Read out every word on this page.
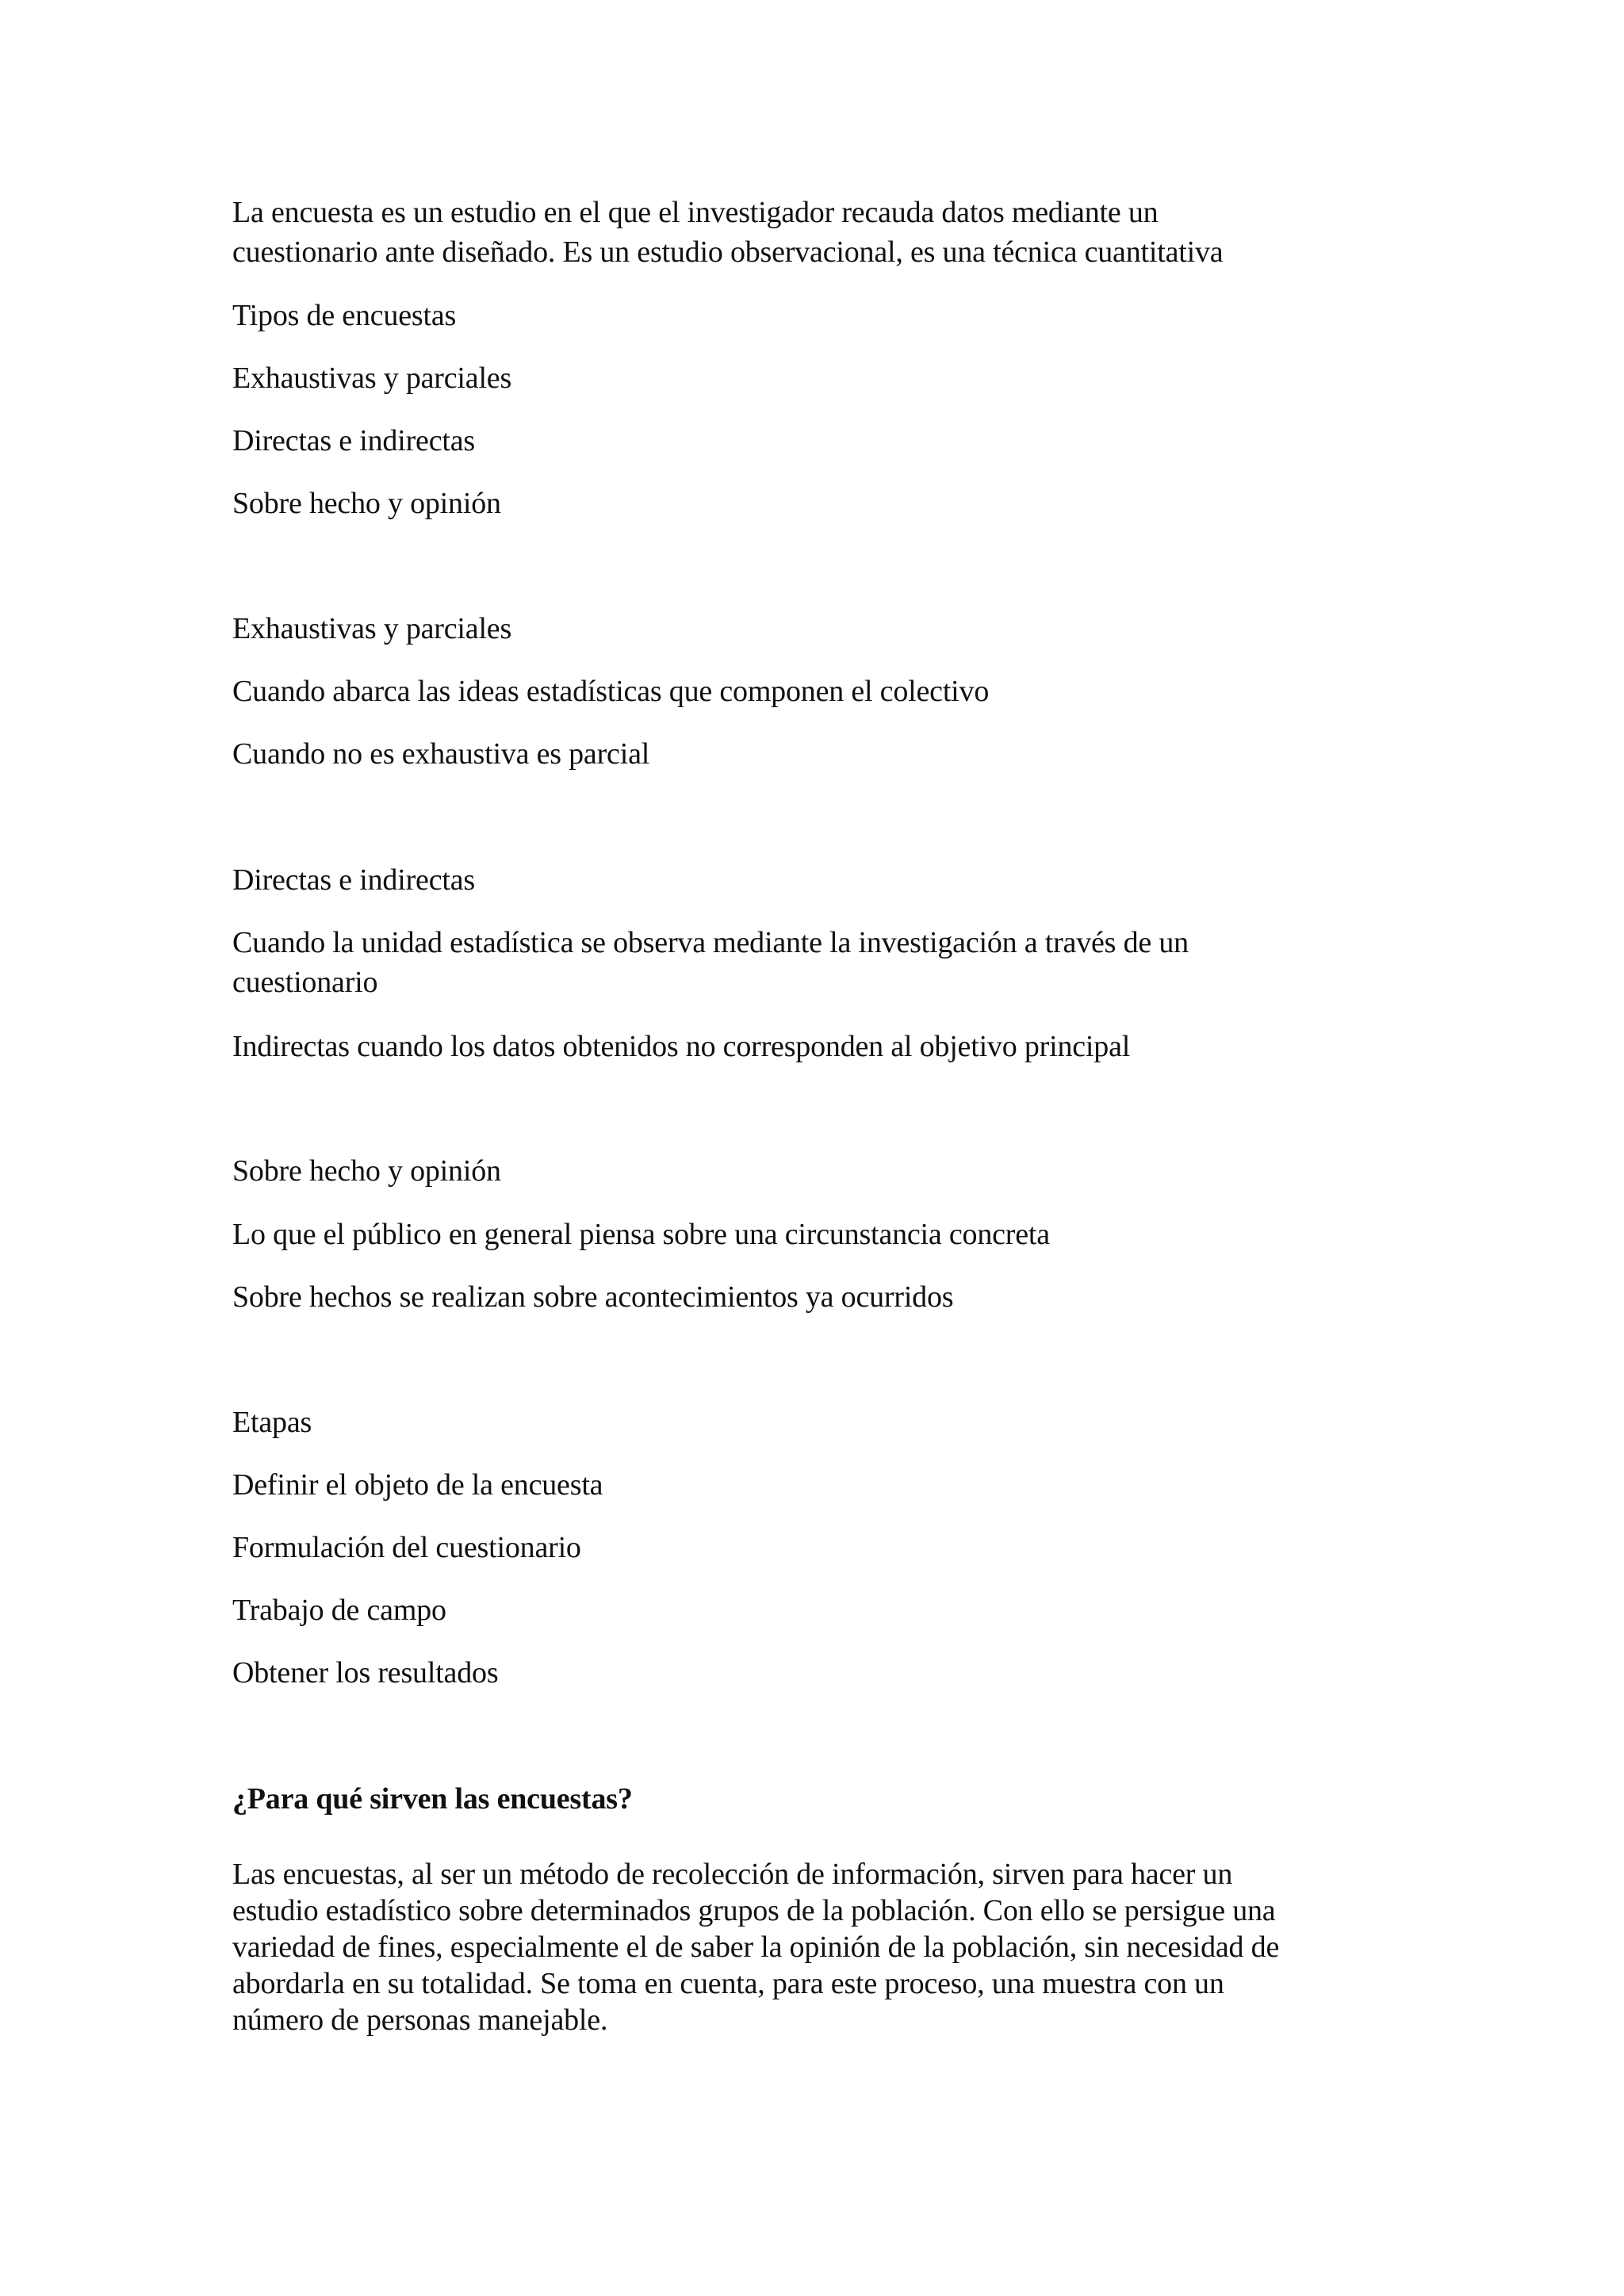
La encuesta es un estudio en el que el investigador recauda datos mediante un
cuestionario ante diseñado. Es un estudio observacional, es una técnica cuantitativa
Tipos de encuestas
Exhaustivas y parciales
Directas e indirectas
Sobre hecho y opinión
Exhaustivas y parciales
Cuando abarca las ideas estadísticas que componen el colectivo
Cuando no es exhaustiva es parcial
Directas e indirectas
Cuando la unidad estadística se observa mediante la investigación a través de un
cuestionario
Indirectas cuando los datos obtenidos no corresponden al objetivo principal
Sobre hecho y opinión
Lo que el público en general piensa sobre una circunstancia concreta
Sobre hechos se realizan sobre acontecimientos ya ocurridos
Etapas
Definir el objeto de la encuesta
Formulación del cuestionario
Trabajo de campo
Obtener los resultados
¿Para qué sirven las encuestas?
Las encuestas, al ser un método de recolección de información, sirven para hacer un
estudio estadístico sobre determinados grupos de la población. Con ello se persigue una
variedad de fines, especialmente el de saber la opinión de la población, sin necesidad de
abordarla en su totalidad. Se toma en cuenta, para este proceso, una muestra con un
número de personas manejable.
